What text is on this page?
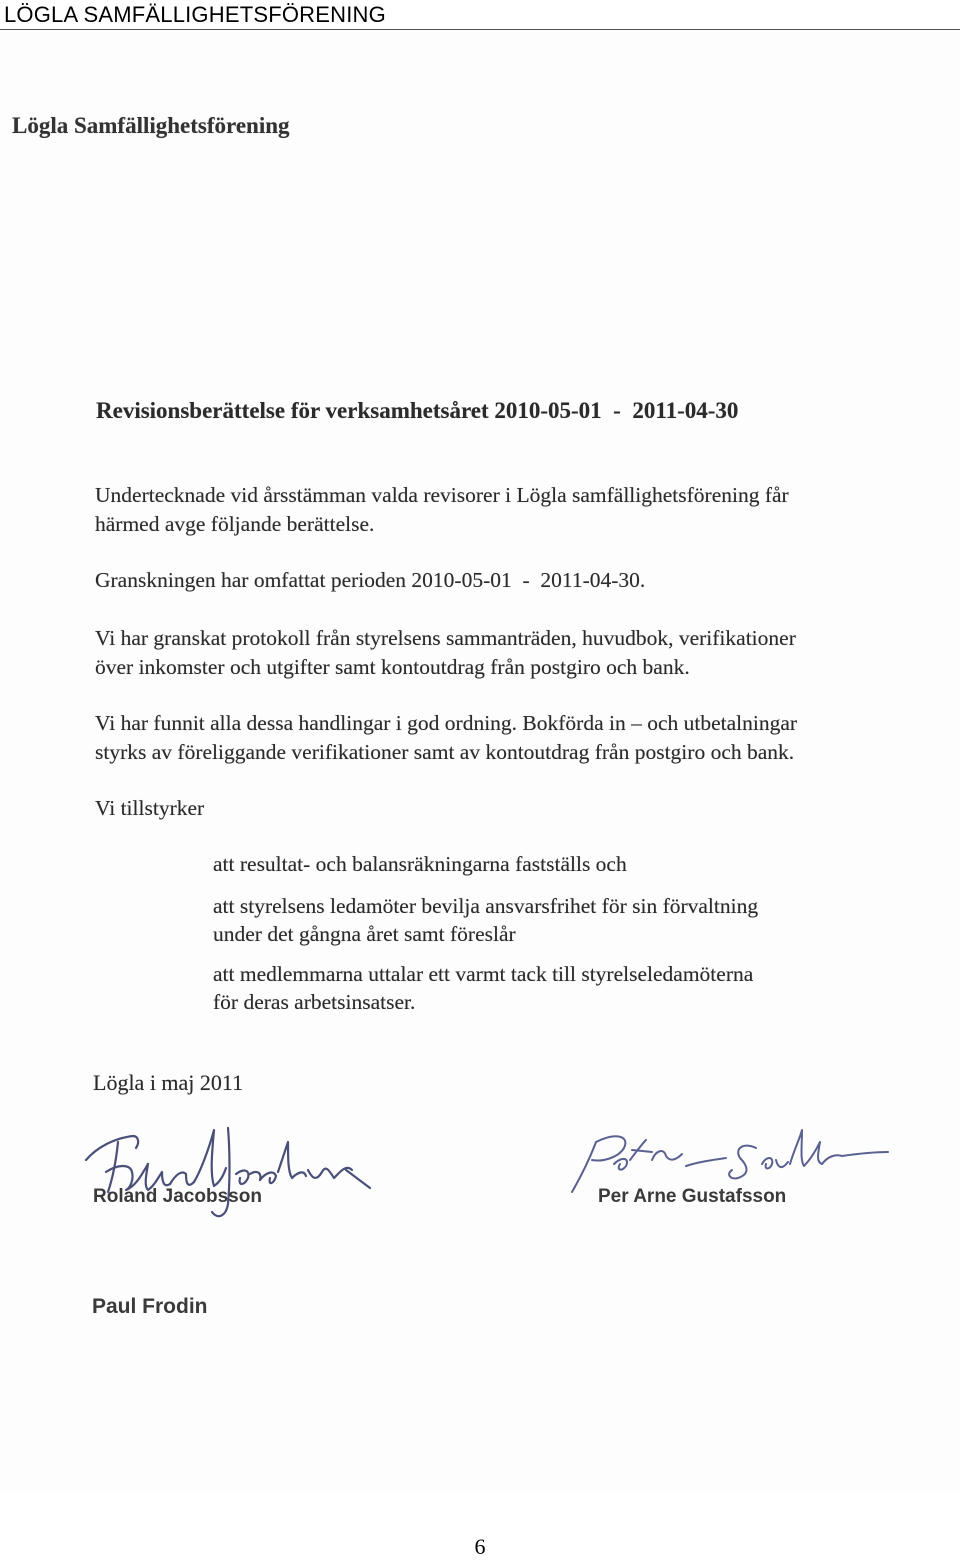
LÖGLA SAMFÄLLIGHETSFÖRENING
Lögla Samfällighetsförening
Revisionsberättelse för verksamhetsåret 2010-05-01  -  2011-04-30
Undertecknade vid årsstämman valda revisorer i Lögla samfällighetsförening får
härmed avge följande berättelse.
Granskningen har omfattat perioden 2010-05-01  -  2011-04-30.
Vi har granskat protokoll från styrelsens sammanträden, huvudbok, verifikationer
över inkomster och utgifter samt kontoutdrag från postgiro och bank.
Vi har funnit alla dessa handlingar i god ordning. Bokförda in – och utbetalningar
styrks av föreliggande verifikationer samt av kontoutdrag från postgiro och bank.
Vi tillstyrker
att resultat- och balansräkningarna fastställs och
att styrelsens ledamöter bevilja ansvarsfrihet för sin förvaltning
under det gångna året samt föreslår
att medlemmarna uttalar ett varmt tack till styrelseledamöterna
för deras arbetsinsatser.
Lögla i maj 2011
Roland Jacobsson	Per Arne Gustafsson
Paul Frodin
6
